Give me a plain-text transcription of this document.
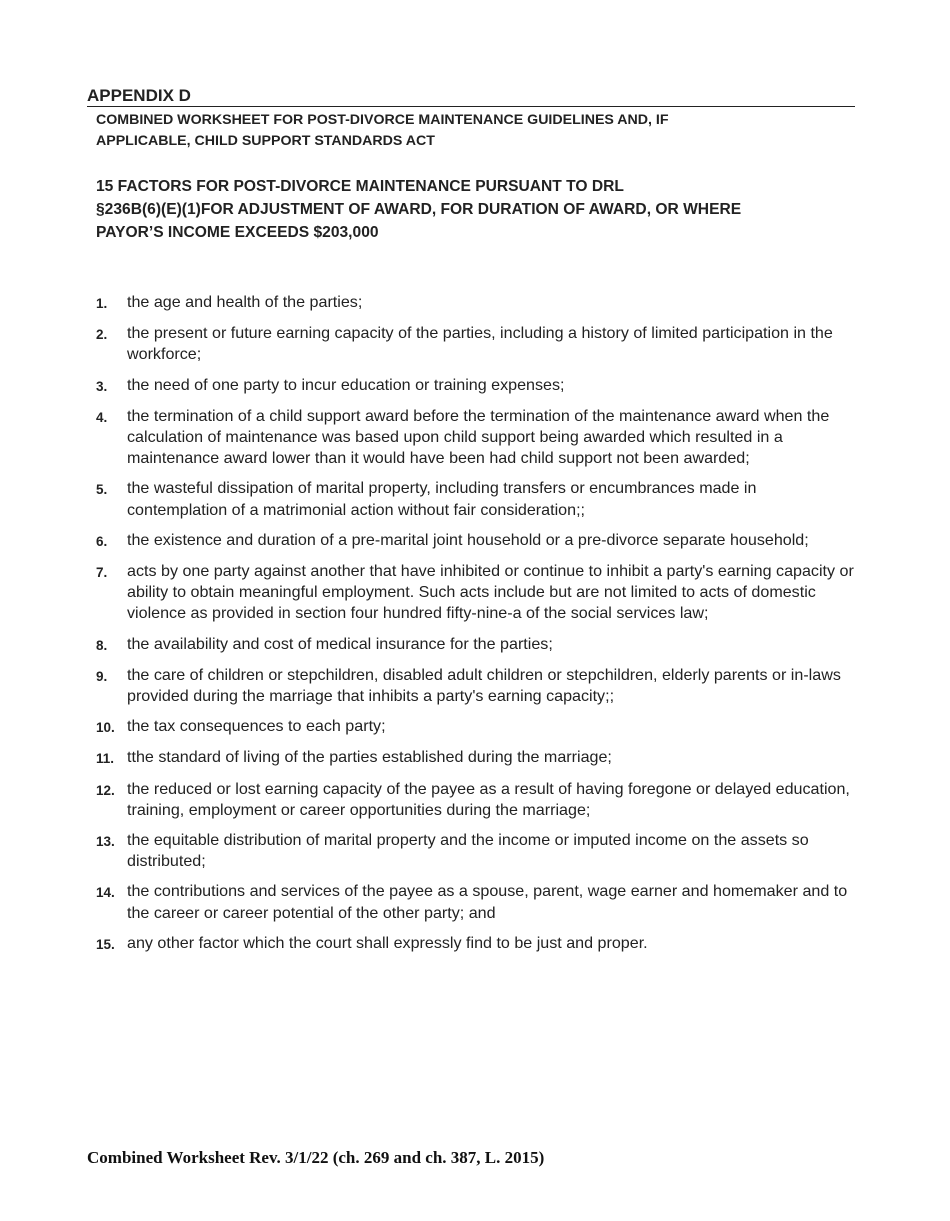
APPENDIX D
COMBINED WORKSHEET FOR POST-DIVORCE MAINTENANCE GUIDELINES AND, IF
APPLICABLE, CHILD SUPPORT STANDARDS ACT
15 FACTORS FOR POST-DIVORCE MAINTENANCE PURSUANT TO DRL
§236B(6)(E)(1)FOR ADJUSTMENT OF AWARD, FOR DURATION OF AWARD, OR WHERE
PAYOR’S INCOME EXCEEDS $203,000
1.	the age and health of the parties;
2.	the present or future earning capacity of the parties, including a history of limited participation in the workforce;
3.	the need of one party to incur education or training expenses;
4.	the termination of a child support award before the termination of the maintenance award when the calculation of maintenance was based upon child support being awarded which resulted in a maintenance award lower than it would have been had child support not been awarded;
5.	the wasteful dissipation of marital property, including transfers or encumbrances made in contemplation of a matrimonial action without fair consideration;;
6.	the existence and duration of a pre-marital joint household or a pre-divorce separate household;
7.	acts by one party against another that have inhibited or continue to inhibit a party's earning capacity or ability to obtain meaningful employment. Such acts include but are not limited to acts of domestic violence as provided in section four hundred fifty-nine-a of the social services law;
8.	the availability and cost of medical insurance for the parties;
9.	the care of children or stepchildren, disabled adult children or stepchildren, elderly parents or in-laws provided during the marriage that inhibits a party's earning capacity;;
10. the tax consequences to each party;
11. tthe standard of living of the parties established during the marriage;
12. the reduced or lost earning capacity of the payee as a result of having foregone or delayed education, training, employment or career opportunities during the marriage;
13. the equitable distribution of marital property and the income or imputed income on the assets so distributed;
14. the contributions and services of the payee as a spouse, parent, wage earner and homemaker and to the career or career potential of the other party; and
15. any other factor which the court shall expressly find to be just and proper.
Combined Worksheet Rev. 3/1/22 (ch. 269 and ch. 387, L. 2015)
